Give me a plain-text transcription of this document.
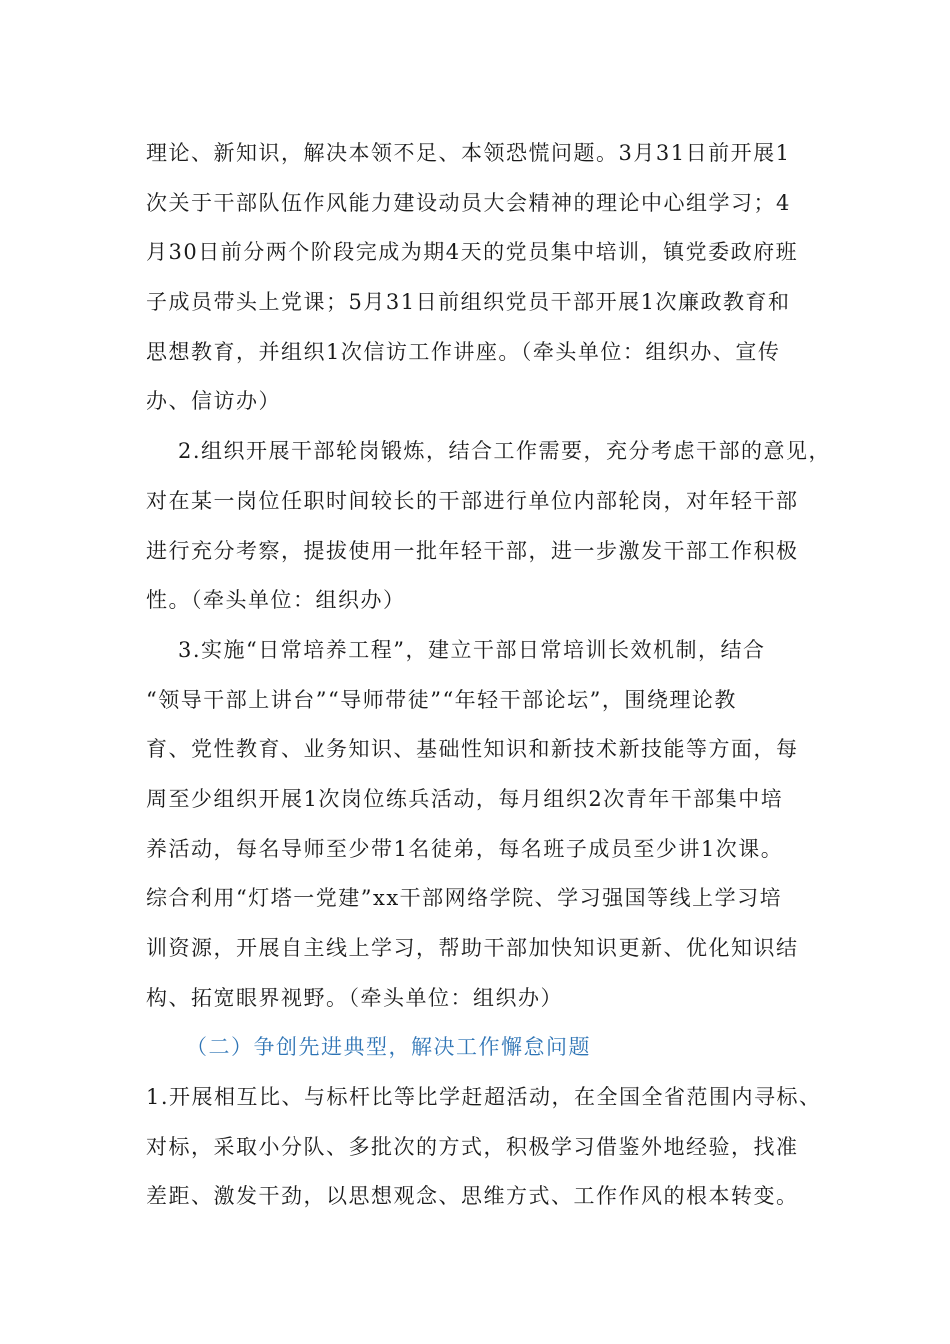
理论、新知识，解决本领不足、本领恐慌问题。3月31日前开展1
次关于干部队伍作风能力建设动员大会精神的理论中心组学习；4
月30日前分两个阶段完成为期4天的党员集中培训，镇党委政府班
子成员带头上党课；5月31日前组织党员干部开展1次廉政教育和
思想教育，并组织1次信访工作讲座。（牵头单位：组织办、宣传
办、信访办）
2.组织开展干部轮岗锻炼，结合工作需要，充分考虑干部的意见，
对在某一岗位任职时间较长的干部进行单位内部轮岗，对年轻干部
进行充分考察，提拔使用一批年轻干部，进一步激发干部工作积极
性。（牵头单位：组织办）
3.实施“日常培养工程”，建立干部日常培训长效机制，结合
“领导干部上讲台”“导师带徒”“年轻干部论坛”，围绕理论教
育、党性教育、业务知识、基础性知识和新技术新技能等方面，每
周至少组织开展1次岗位练兵活动，每月组织2次青年干部集中培
养活动，每名导师至少带1名徒弟，每名班子成员至少讲1次课。
综合利用“灯塔一党建”xx干部网络学院、学习强国等线上学习培
训资源，开展自主线上学习，帮助干部加快知识更新、优化知识结
构、拓宽眼界视野。（牵头单位：组织办）
（二）争创先进典型，解决工作懈怠问题
1.开展相互比、与标杆比等比学赶超活动，在全国全省范围内寻标、
对标，采取小分队、多批次的方式，积极学习借鉴外地经验，找准
差距、激发干劲，以思想观念、思维方式、工作作风的根本转变。
